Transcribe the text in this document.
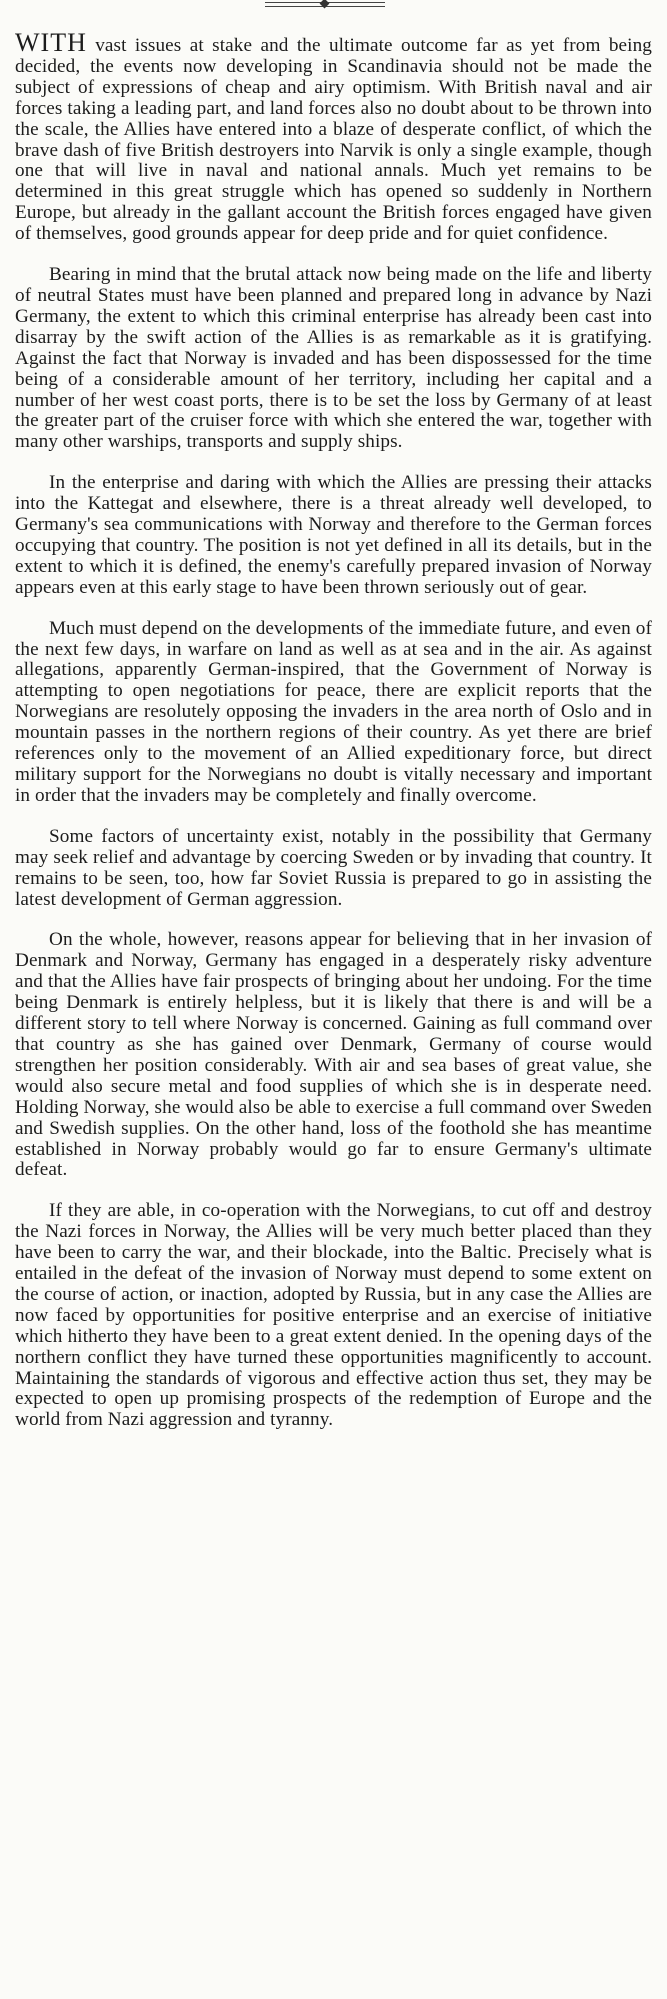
WITH vast issues at stake and the ultimate outcome far as yet from being decided, the events now developing in Scandinavia should not be made the subject of expressions of cheap and airy optimism. With British naval and air forces taking a leading part, and land forces also no doubt about to be thrown into the scale, the Allies have entered into a blaze of desperate conflict, of which the brave dash of five British destroyers into Narvik is only a single example, though one that will live in naval and national annals. Much yet remains to be determined in this great struggle which has opened so suddenly in Northern Europe, but already in the gallant account the British forces engaged have given of themselves, good grounds appear for deep pride and for quiet confidence.

Bearing in mind that the brutal attack now being made on the life and liberty of neutral States must have been planned and prepared long in advance by Nazi Germany, the extent to which this criminal enterprise has already been cast into disarray by the swift action of the Allies is as remarkable as it is gratifying. Against the fact that Norway is invaded and has been dispossessed for the time being of a considerable amount of her territory, including her capital and a number of her west coast ports, there is to be set the loss by Germany of at least the greater part of the cruiser force with which she entered the war, together with many other warships, transports and supply ships.

In the enterprise and daring with which the Allies are pressing their attacks into the Kattegat and elsewhere, there is a threat already well developed, to Germany's sea communications with Norway and therefore to the German forces occupying that country. The position is not yet defined in all its details, but in the extent to which it is defined, the enemy's carefully prepared invasion of Norway appears even at this early stage to have been thrown seriously out of gear.

Much must depend on the developments of the immediate future, and even of the next few days, in warfare on land as well as at sea and in the air. As against allegations, apparently German-inspired, that the Government of Norway is attempting to open negotiations for peace, there are explicit reports that the Norwegians are resolutely opposing the invaders in the area north of Oslo and in mountain passes in the northern regions of their country. As yet there are brief references only to the movement of an Allied expeditionary force, but direct military support for the Norwegians no doubt is vitally necessary and important in order that the invaders may be completely and finally overcome.

Some factors of uncertainty exist, notably in the possibility that Germany may seek relief and advantage by coercing Sweden or by invading that country. It remains to be seen, too, how far Soviet Russia is prepared to go in assisting the latest development of German aggression.

On the whole, however, reasons appear for believing that in her invasion of Denmark and Norway, Germany has engaged in a desperately risky adventure and that the Allies have fair prospects of bringing about her undoing. For the time being Denmark is entirely helpless, but it is likely that there is and will be a different story to tell where Norway is concerned. Gaining as full command over that country as she has gained over Denmark, Germany of course would strengthen her position considerably. With air and sea bases of great value, she would also secure metal and food supplies of which she is in desperate need. Holding Norway, she would also be able to exercise a full command over Sweden and Swedish supplies. On the other hand, loss of the foothold she has meantime established in Norway probably would go far to ensure Germany's ultimate defeat.

If they are able, in co-operation with the Norwegians, to cut off and destroy the Nazi forces in Norway, the Allies will be very much better placed than they have been to carry the war, and their blockade, into the Baltic. Precisely what is entailed in the defeat of the invasion of Norway must depend to some extent on the course of action, or inaction, adopted by Russia, but in any case the Allies are now faced by opportunities for positive enterprise and an exercise of initiative which hitherto they have been to a great extent denied. In the opening days of the northern conflict they have turned these opportunities magnificently to account. Maintaining the standards of vigorous and effective action thus set, they may be expected to open up promising prospects of the redemption of Europe and the world from Nazi aggression and tyranny.
